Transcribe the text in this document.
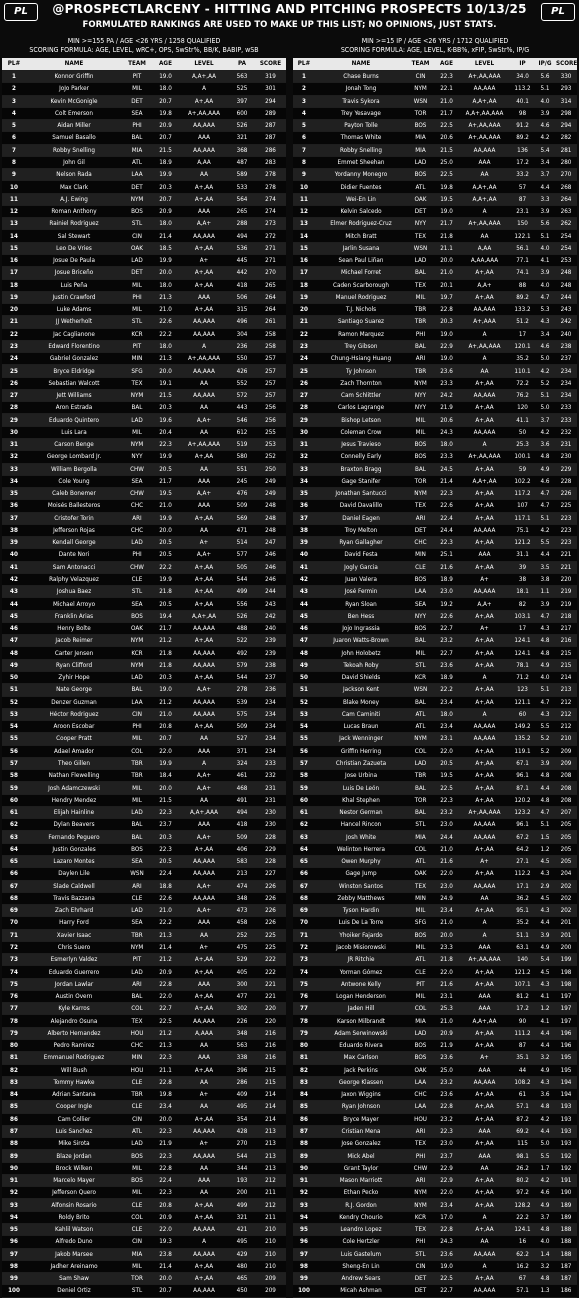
PL	@PROSPECTLARCENY - HITTING AND PITCHING PROSPECTS 10/13/25
FORMULATED RANKINGS ARE USED TO MAKE UP THIS LIST; NO OPINIONS, JUST STATS.
PL
MIN >=155 PA / AGE <26 YRS / 1258 QUALIFIED
SCORING FORMULA: AGE, LEVEL, wRC+, OPS, SwStr%, BB/K, BABIP, wSB
PL#	NAME	TEAM	AGE	LEVEL	PA	SCORE
1	Konnor Griffin	PIT	19.0	A,A+,AA	563	319
2	JoJo Parker	MIL	18.0	A	525	301
3	Kevin McGonigle	DET	20.7	A+,AA	397	294
4	Colt Emerson	SEA	19.8	A+,AA,AAA	600	289
5	Aidan Miller	PHI	20.9	AA,AAA	526	287
6	Samuel Basallo	BAL	20.7	AAA	321	287
7	Robby Snelling	MIA	21.5	AA,AAA	368	286
8	John Gil	ATL	18.9	A,AA	487	283
9	Nelson Rada	LAA	19.9	AA	589	278
10	Max Clark	DET	20.3	A+,AA	533	278
11	A.J. Ewing	NYM	20.7	A+,AA	564	274
12	Roman Anthony	BOS	20.9	AAA	265	274
13	Rainiel Rodriguez	STL	18.0	A,A+	288	273
14	Sal Stewart	CIN	21.4	AA,AAA	494	272
15	Leo De Vries	OAK	18.5	A+,AA	536	271
16	Josue De Paula	LAD	19.9	A+	445	271
17	Josue Briceño	DET	20.0	A+,AA	442	270
18	Luis Peña	MIL	18.0	A+,AA	418	265
19	Justin Crawford	PHI	21.3	AAA	506	264
20	Luke Adams	MIL	21.0	A+,AA	315	264
21	JJ Wetherholt	STL	22.6	AA,AAA	496	261
22	Jac Caglianone	KCR	22.2	AA,AAA	304	258
23	Edward Florentino	PIT	18.0	A	236	258
24	Gabriel Gonzalez	MIN	21.3	A+,AA,AAA	550	257
25	Bryce Eldridge	SFG	20.0	AA,AAA	426	257
26	Sebastian Walcott	TEX	19.1	AA	552	257
27	Jett Williams	NYM	21.5	AA,AAA	572	257
28	Aron Estrada	BAL	20.3	AA	443	256
29	Eduardo Quintero	LAD	19.6	A,A+	546	256
30	Luis Lara	MIL	20.4	AA	612	255
31	Carson Benge	NYM	22.3	A+,AA,AAA	519	253
32	George Lombard Jr.	NYY	19.9	A+,AA	580	252
33	William Bergolla	CHW	20.5	AA	551	250
34	Cole Young	SEA	21.7	AAA	245	249
35	Caleb Bonemer	CHW	19.5	A,A+	476	249
36	Moisés Ballesteros	CHC	21.0	AAA	509	248
37	Cristofer Torin	ARI	19.9	A+,AA	569	248
38	Jefferson Rojas	CHC	20.0	AA	471	248
39	Kendall George	LAD	20.5	A+	514	247
40	Dante Nori	PHI	20.5	A,A+	577	246
41	Sam Antonacci	CHW	22.2	A+,AA	505	246
42	Ralphy Velazquez	CLE	19.9	A+,AA	544	246
43	Joshua Baez	STL	21.8	A+,AA	499	244
44	Michael Arroyo	SEA	20.5	A+,AA	556	243
45	Franklin Arias	BOS	19.4	A,A+,AA	526	242
46	Henry Bolte	OAK	21.7	AA,AAA	488	240
47	Jacob Reimer	NYM	21.2	A+,AA	522	239
48	Carter Jensen	KCR	21.8	AA,AAA	492	239
49	Ryan Clifford	NYM	21.8	AA,AAA	579	238
50	Zyhir Hope	LAD	20.3	A+,AA	544	237
51	Nate George	BAL	19.0	A,A+	278	236
52	Denzer Guzman	LAA	21.2	AA,AAA	539	234
53	Héctor Rodriguez	CIN	21.0	AA,AAA	575	234
54	Aroon Escobar	PHI	20.8	A+,AA	509	234
55	Cooper Pratt	MIL	20.7	AA	527	234
56	Adael Amador	COL	22.0	AAA	371	234
57	Theo Gillen	TBR	19.9	A	324	233
58	Nathan Flewelling	TBR	18.4	A,A+	461	232
59	Josh Adamczewski	MIL	20.0	A,A+	468	231
60	Hendry Mendez	MIL	21.5	AA	491	231
61	Elijah Hainline	LAD	22.3	A,A+,AAA	494	230
62	Dylan Beavers	BAL	23.7	AAA	418	230
63	Fernando Peguero	BAL	20.3	A,A+	509	228
64	Justin Gonzales	BOS	22.3	A+,AA	406	229
65	Lazaro Montes	SEA	20.5	AA,AAA	583	228
66	Daylen Lile	WSN	22.4	AA,AAA	213	227
67	Slade Caldwell	ARI	18.8	A,A+	474	226
68	Travis Bazzana	CLE	22.6	AA,AAA	348	226
69	Zach Ehrhard	LAD	21.0	A,A+	473	226
70	Harry Ford	SEA	22.2	AAA	458	226
71	Xavier Isaac	TBR	21.3	AA	252	225
72	Chris Suero	NYM	21.4	A+	475	225
73	Esmerlyn Valdez	PIT	21.2	A+,AA	529	222
74	Eduardo Guerrero	LAD	20.9	A+,AA	405	222
75	Jordan Lawlar	ARI	22.8	AAA	300	221
76	Austin Overn	BAL	22.0	A+,AA	477	221
77	Kyle Karros	COL	22.7	A+,AA	302	220
78	Alejandro Osuna	TEX	22.5	AA,AAA	226	220
79	Alberto Hernandez	HOU	21.2	A,AAA	348	216
80	Pedro Ramirez	CHC	21.3	AA	563	216
81	Emmanuel Rodriguez	MIN	22.3	AAA	338	216
82	Will Bush	HOU	21.1	A+,AA	396	215
83	Tommy Hawke	CLE	22.8	AA	286	215
84	Adrian Santana	TBR	19.8	A+	409	214
85	Cooper Ingle	CLE	23.4	AA	495	214
86	Cam Collier	CIN	20.0	A+,AA	354	214
87	Luis Sanchez	ATL	22.3	AA,AAA	428	213
88	Mike Sirota	LAD	21.9	A+	270	213
89	Blaze Jordan	BOS	22.3	AA,AAA	544	213
90	Brock Wilken	MIL	22.8	AA	344	213
91	Marcelo Mayer	BOS	22.4	AAA	193	212
92	Jefferson Quero	MIL	22.3	AA	200	211
93	Alfonsin Rosario	CLE	20.8	A+,AA	499	212
94	Roldy Brito	COL	20.9	A+,AA	321	211
95	Kahlil Watson	CLE	22.0	AA,AAA	421	210
96	Alfredo Duno	CIN	19.3	A	495	210
97	Jakob Marsee	MIA	23.8	AA,AAA	429	210
98	Jadher Areinamo	MIL	21.4	A+,AA	480	210
99	Sam Shaw	TOR	20.0	A+,AA	465	209
100	Deniel Ortiz	STL	20.7	AA,AAA	450	209
MIN >=15 IP / AGE <26 YRS / 1712 QUALIFIED
SCORING FORMULA: AGE, LEVEL, K-BB%, xFIP, SwStr%, IP/G
PL#	NAME	TEAM	AGE	LEVEL	IP	IP/G	SCORE
1	Chase Burns	CIN	22.3	A+,AA,AAA	34.0	5.6	330
2	Jonah Tong	NYM	22.1	AA,AAA	113.2	5.1	293
3	Travis Sykora	WSN	21.0	A,A+,AA	40.1	4.0	314
4	Trey Yesavage	TOR	21.7	A,A+,AA,AAA	98	3.9	298
5	Payton Tolle	BOS	22.5	A+,AA,AAA	91.2	4.6	294
6	Thomas White	MIA	20.6	A+,AA,AAA	89.2	4.2	282
7	Robby Snelling	MIA	21.5	AA,AAA	136	5.4	281
8	Emmet Sheehan	LAD	25.0	AAA	17.2	3.4	280
9	Yordanny Monegro	BOS	22.5	AA	33.2	3.7	270
10	Didier Fuentes	ATL	19.8	A,A+,AA	57	4.4	268
11	Wei-En Lin	OAK	19.5	A,A+,AA	87	3.3	264
12	Kelvin Salcedo	DET	19.0	A	23.1	3.9	263
13	Elmer Rodriguez-Cruz	NYY	21.7	A+,AA,AAA	150	5.6	262
14	Mitch Bratt	TEX	21.8	AA	122.1	5.1	254
15	Jarlin Susana	WSN	21.1	A,AA	56.1	4.0	254
16	Sean Paul Liñan	LAD	20.0	A,AA,AAA	77.1	4.1	253
17	Michael Forret	BAL	21.0	A+,AA	74.1	3.9	248
18	Caden Scarborough	TEX	20.1	A,A+	88	4.0	248
19	Manuel Rodriguez	MIL	19.7	A+,AA	89.2	4.7	244
20	T.J. Nichols	TBR	22.8	AA,AAA	133.2	5.3	243
21	Santiago Suarez	TBR	20.3	A+,AAA	51.2	4.3	242
22	Ramon Marquez	PHI	19.0	A	17	3.4	240
23	Trey Gibson	BAL	22.9	A+,AA,AAA	120.1	4.6	238
24	Chung-Hsiang Huang	ARI	19.0	A	35.2	5.0	237
25	Ty Johnson	TBR	23.6	AA	110.1	4.2	234
26	Zach Thornton	NYM	23.3	A+,AA	72.2	5.2	234
27	Cam Schlittler	NYY	24.2	AA,AAA	76.2	5.1	234
28	Carlos Lagrange	NYY	21.9	A+,AA	120	5.0	233
29	Bishop Letson	MIL	20.6	A+,AA	41.1	3.7	233
30	Coleman Crow	MIL	24.3	AA,AAA	50	4.2	232
31	Jesus Travieso	BOS	18.0	A	25.3	3.6	231
32	Connelly Early	BOS	23.3	A+,AA,AAA	100.1	4.8	230
33	Braxton Bragg	BAL	24.5	A+,AA	59	4.9	229
34	Gage Stanifer	TOR	21.4	A,A+,AA	102.2	4.6	228
35	Jonathan Santucci	NYM	22.3	A+,AA	117.2	4.7	226
36	David Davalillo	TEX	22.6	A+,AA	107	4.7	225
37	Daniel Eagen	ARI	22.4	A+,AA	117.1	5.1	223
38	Troy Melton	DET	24.4	AA,AAA	75.1	4.2	223
39	Ryan Gallagher	CHC	22.3	A+,AA	121.2	5.5	223
40	David Festa	MIN	25.1	AAA	31.1	4.4	221
41	Jogly Garcia	CLE	21.6	A+,AA	39	3.5	221
42	Juan Valera	BOS	18.9	A+	38	3.8	220
43	José Fermin	LAA	23.0	AA,AAA	18.1	1.1	219
44	Ryan Sloan	SEA	19.2	A,A+	82	3.9	219
45	Ben Hess	NYY	22.6	A+,AA	103.1	4.7	218
46	Jojo Ingrassia	BOS	22.7	A+	17	4.3	217
47	Juaron Watts-Brown	BAL	23.2	A+,AA	124.1	4.8	216
48	John Holobetz	MIL	22.7	A+,AA	124.1	4.8	215
49	Tekoah Roby	STL	23.6	A+,AA	78.1	4.9	215
50	David Shields	KCR	18.9	A	71.2	4.0	214
51	Jackson Kent	WSN	22.2	A+,AA	123	5.1	213
52	Blake Money	BAL	23.4	A+,AA	121.1	4.7	212
53	Cam Caminiti	ATL	18.0	A	60	4.3	212
54	Lucas Braun	ATL	23.4	AA,AAA	149.2	5.5	212
55	Jack Wenninger	NYM	23.1	AA,AAA	135.2	5.2	210
56	Griffin Herring	COL	22.0	A+,AA	119.1	5.2	209
57	Christian Zazueta	LAD	20.5	A+,AA	67.1	3.9	209
58	Jose Urbina	TBR	19.5	A+,AA	96.1	4.8	208
59	Luis De León	BAL	22.5	A+,AA	87.1	4.4	208
60	Khal Stephen	TOR	22.3	A+,AA	120.2	4.8	208
61	Nestor German	BAL	23.2	A+,AA,AAA	123.2	4.7	207
62	Hancel Rincon	STL	23.0	AA,AAA	96.1	5.1	205
63	Josh White	MIA	24.4	AA,AAA	67.2	1.5	205
64	Welinton Herrera	COL	21.0	A+,AA	64.2	1.2	205
65	Owen Murphy	ATL	21.6	A+	27.1	4.5	205
66	Gage Jump	OAK	22.0	A+,AA	112.2	4.3	204
67	Winston Santos	TEX	23.0	AA,AAA	17.1	2.9	202
68	Zebby Matthews	MIN	24.9	AA	36.2	4.5	202
69	Tyson Hardin	MIL	23.4	A+,AA	95.1	4.3	202
70	Luis De La Torre	SFG	21.0	A	35.2	4.4	201
71	Yhoiker Fajardo	BOS	20.0	A	51.1	3.9	201
72	Jacob Misiorowski	MIL	23.3	AAA	63.1	4.9	200
73	JR Ritchie	ATL	21.8	A+,AA,AAA	140	5.4	199
74	Yorman Gómez	CLE	22.0	A+,AA	121.2	4.5	198
75	Antwone Kelly	PIT	21.6	A+,AA	107.1	4.3	198
76	Logan Henderson	MIL	23.1	AAA	81.2	4.1	197
77	Jaden Hill	COL	25.3	AAA	17.2	1.2	197
78	Karson Milbrandt	MIA	21.0	A,A+,AA	90	4.1	197
79	Adam Serwinowski	LAD	20.9	A+,AA	111.2	4.4	196
80	Eduardo Rivera	BOS	21.9	A+,AA	87	4.4	196
81	Max Carlson	BOS	23.6	A+	35.1	3.2	195
82	Jack Perkins	OAK	25.0	AAA	44	4.9	195
83	George Klassen	LAA	23.2	AA,AAA	108.2	4.3	194
84	Jaxon Wiggins	CHC	23.6	A+,AA	61	3.6	194
85	Ryan Johnson	LAA	22.8	A+,AA	57.1	4.8	193
86	Bryce Mayer	HOU	23.2	A+,AA	87.2	4.2	193
87	Cristian Mena	ARI	22.3	AAA	69.2	4.4	193
88	Jose Gonzalez	TEX	23.0	A+,AA	115	5.0	193
89	Mick Abel	PHI	23.7	AAA	98.1	5.5	192
90	Grant Taylor	CHW	22.9	AA	26.2	1.7	192
91	Mason Marriott	ARI	22.9	A+,AA	80.2	4.2	191
92	Ethan Pecko	NYM	22.0	A+,AA	97.2	4.6	190
93	R.J. Gordon	NYM	23.4	A+,AA	128.2	4.9	189
94	Kendry Chourio	KCR	17.0	A	22.2	3.7	189
95	Leandro Lopez	TEX	22.8	A+,AA	124.1	4.8	188
96	Cole Hertzler	PHI	24.3	AA	16	4.0	188
97	Luis Gastelum	STL	23.6	AA,AAA	62.2	1.4	188
98	Sheng-En Lin	CIN	19.0	A	16.2	3.2	187
99	Andrew Sears	DET	22.5	A+,AA	67	4.8	187
100	Micah Ashman	DET	22.7	AA,AAA	57.1	1.3	186
